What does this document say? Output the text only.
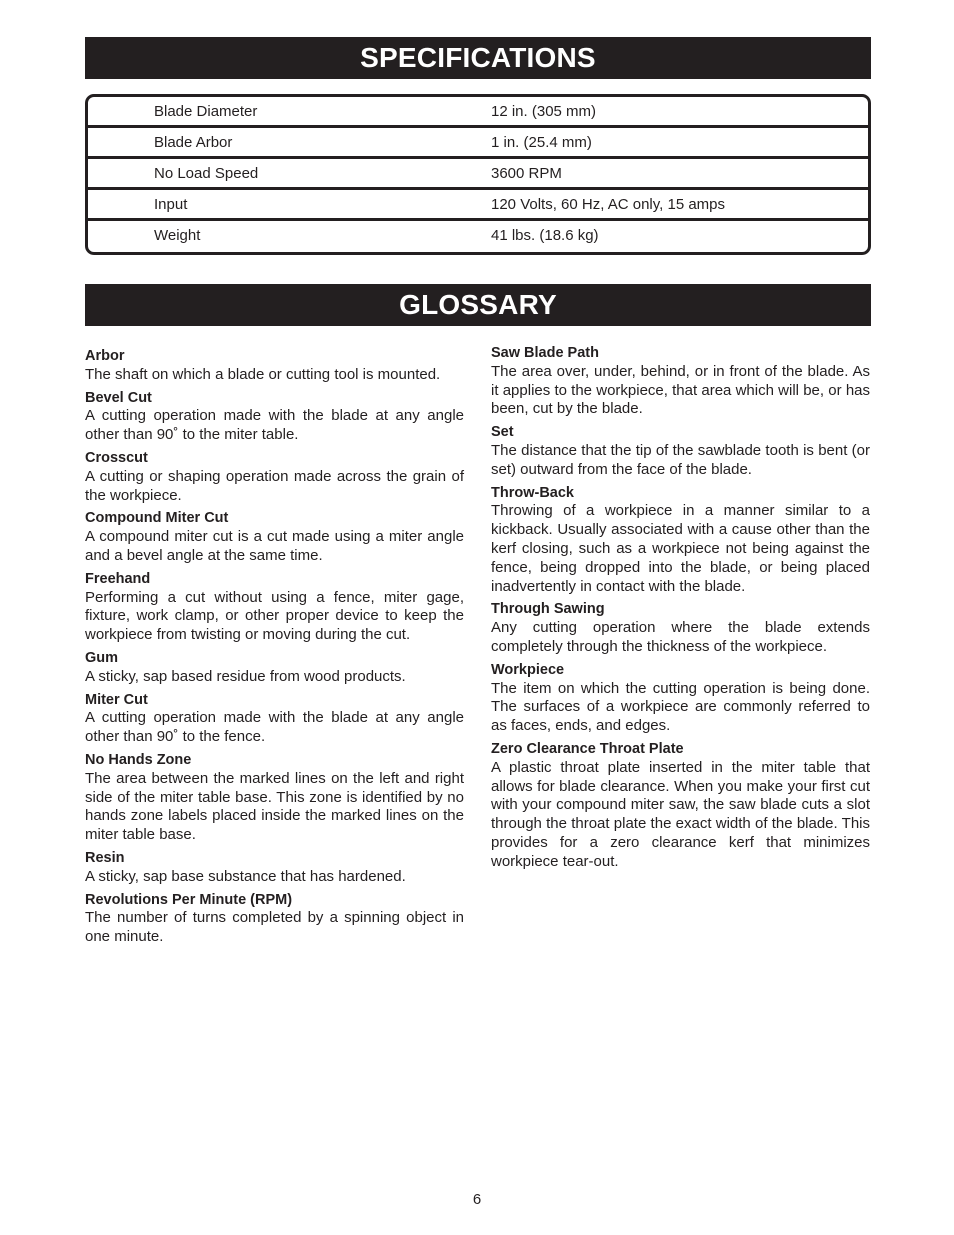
SPECIFICATIONS
Blade Diameter	12 in. (305 mm)
Blade Arbor	1 in. (25.4 mm)
No Load Speed	3600 RPM
Input	120 Volts, 60 Hz, AC only, 15 amps
Weight	41 lbs. (18.6 kg)
GLOSSARY
Arbor
The shaft on which a blade or cutting tool is mounted.
Bevel Cut
A cutting operation made with the blade at any angle other than 90˚ to the miter table.
Crosscut
A cutting or shaping operation made across the grain of the workpiece.
Compound Miter Cut
A compound miter cut is a cut made using a miter angle and a bevel angle at the same time.
Freehand
Performing a cut without using a fence, miter gage, fixture, work clamp, or other proper device to keep the workpiece from twisting or moving during the cut.
Gum
A sticky, sap based residue from wood products.
Miter Cut
A cutting operation made with the blade at any angle other than 90˚ to the fence.
No Hands Zone
The area between the marked lines on the left and right side of the miter table base. This zone is identified by no hands zone labels placed inside the marked lines on the miter table base.
Resin
A sticky, sap base substance that has hardened.
Revolutions Per Minute (RPM)
The number of turns completed by a spinning object in one minute.
Saw Blade Path
The area over, under, behind, or in front of the blade. As it applies to the workpiece, that area which will be, or has been, cut by the blade.
Set
The distance that the tip of the sawblade tooth is bent (or set) outward from the face of the blade.
Throw-Back
Throwing of a workpiece in a manner similar to a kickback. Usually associated with a cause other than the kerf closing, such as a workpiece not being against the fence, being dropped into the blade, or being placed inadvertently in contact with the blade.
Through Sawing
Any cutting operation where the blade extends completely through the thickness of the workpiece.
Workpiece
The item on which the cutting operation is being done. The surfaces of a workpiece are commonly referred to as faces, ends, and edges.
Zero Clearance Throat Plate
A plastic throat plate inserted in the miter table that allows for blade clearance. When you make your first cut with your compound miter saw, the saw blade cuts a slot through the throat plate the exact width of the blade. This provides for a zero clearance kerf that minimizes workpiece tear-out.
6
